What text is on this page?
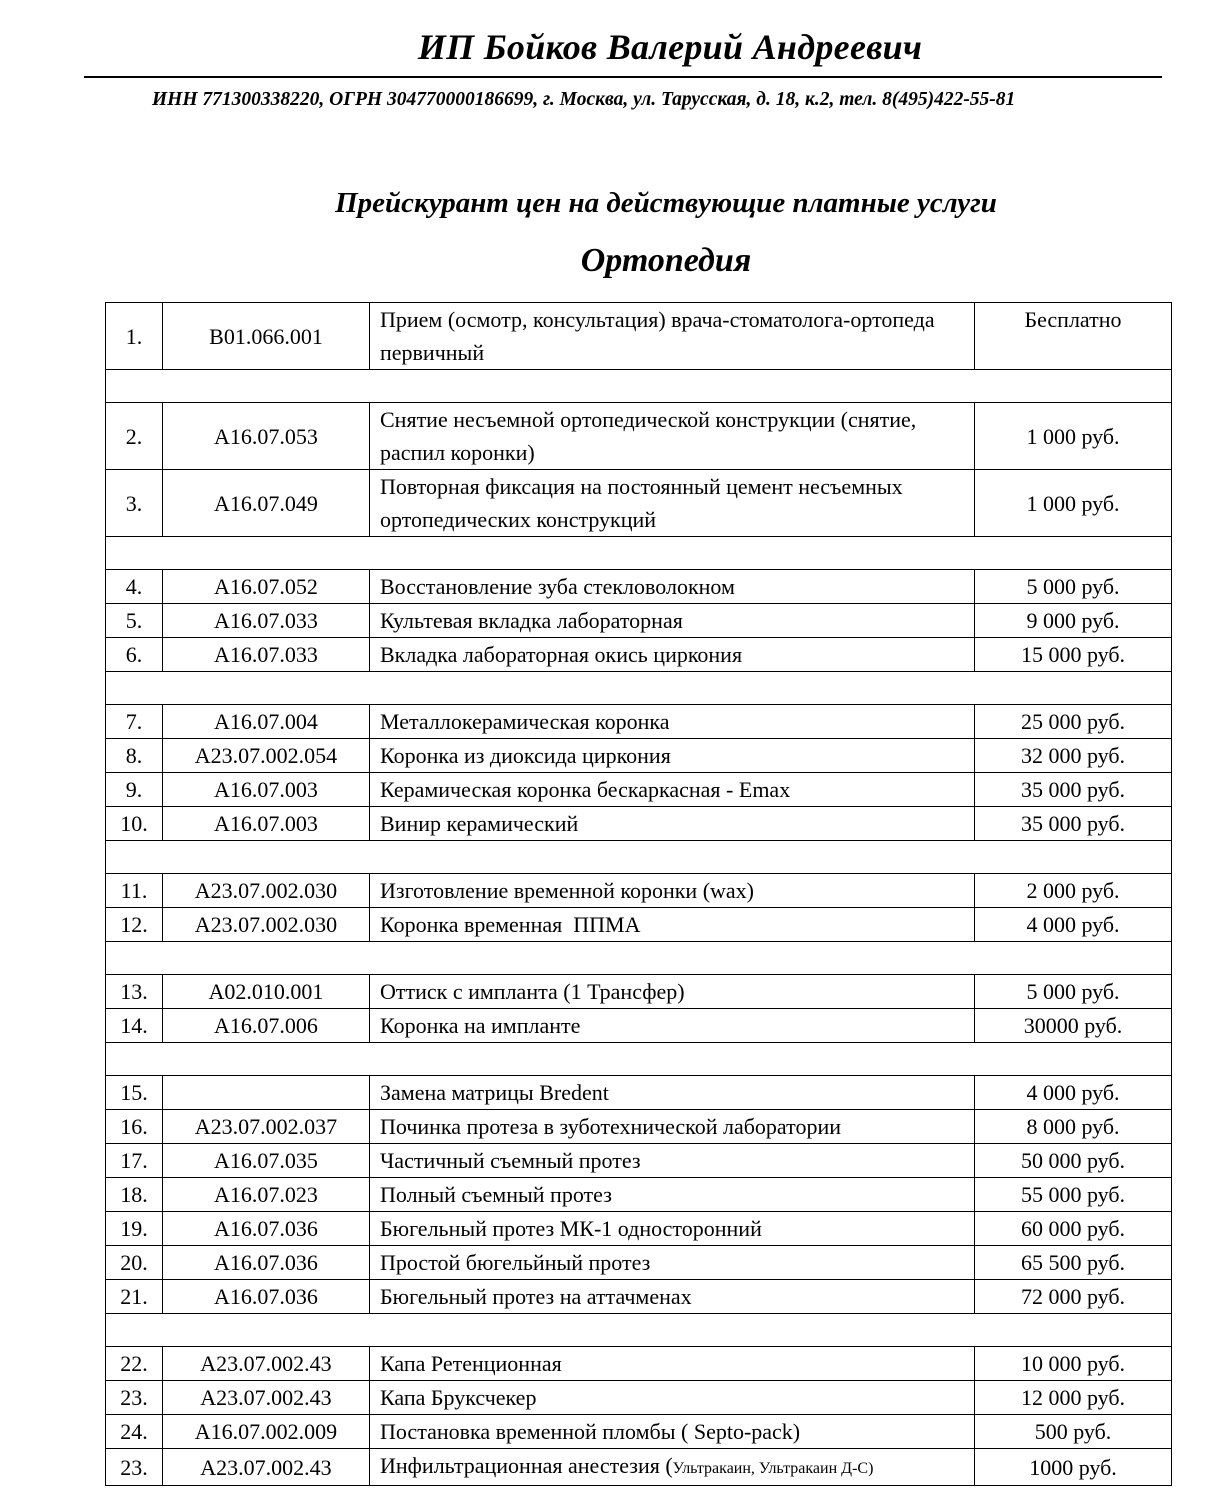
ИП Бойков Валерий Андреевич
ИНН 771300338220, ОГРН 304770000186699, г. Москва, ул. Тарусская, д. 18, к.2, тел. 8(495)422-55-81
Прейскурант цен на действующие платные услуги
Ортопедия
1.	В01.066.001	Прием (осмотр, консультация) врача-стоматолога-ортопеда первичный	Бесплатно

2.	А16.07.053	Снятие несъемной ортопедической конструкции (снятие, распил коронки)	1 000 руб.
3.	А16.07.049	Повторная фиксация на постоянный цемент несъемных ортопедических конструкций	1 000 руб.

4.	А16.07.052	Восстановление зуба стекловолокном	5 000 руб.
5.	А16.07.033	Культевая вкладка лабораторная	9 000 руб.
6.	А16.07.033	Вкладка лабораторная окись циркония	15 000 руб.

7.	А16.07.004	Металлокерамическая коронка	25 000 руб.
8.	А23.07.002.054	Коронка из диоксида циркония	32 000 руб.
9.	А16.07.003	Керамическая коронка бескаркасная - Emax	35 000 руб.
10.	А16.07.003	Винир керамический	35 000 руб.

11.	А23.07.002.030	Изготовление временной коронки (wax)	2 000 руб.
12.	А23.07.002.030	Коронка временная  ППМА	4 000 руб.

13.	А02.010.001	Оттиск с импланта (1 Трансфер)	5 000 руб.
14.	А16.07.006	Коронка на импланте	30000 руб.

15.		Замена матрицы Bredent	4 000 руб.
16.	А23.07.002.037	Починка протеза в зуботехнической лаборатории	8 000 руб.
17.	А16.07.035	Частичный съемный протез	50 000 руб.
18.	А16.07.023	Полный съемный протез	55 000 руб.
19.	А16.07.036	Бюгельный протез МК-1 односторонний	60 000 руб.
20.	А16.07.036	Простой бюгельйный протез	65 500 руб.
21.	А16.07.036	Бюгельный протез на аттачменах	72 000 руб.

22.	А23.07.002.43	Капа Ретенционная	10 000 руб.
23.	А23.07.002.43	Капа Бруксчекер	12 000 руб.
24.	А16.07.002.009	Постановка временной пломбы ( Septo-pack)	500 руб.
23.	А23.07.002.43	Инфильтрационная анестезия (Ультракаин, Ультракаин Д-С)	1000 руб.
